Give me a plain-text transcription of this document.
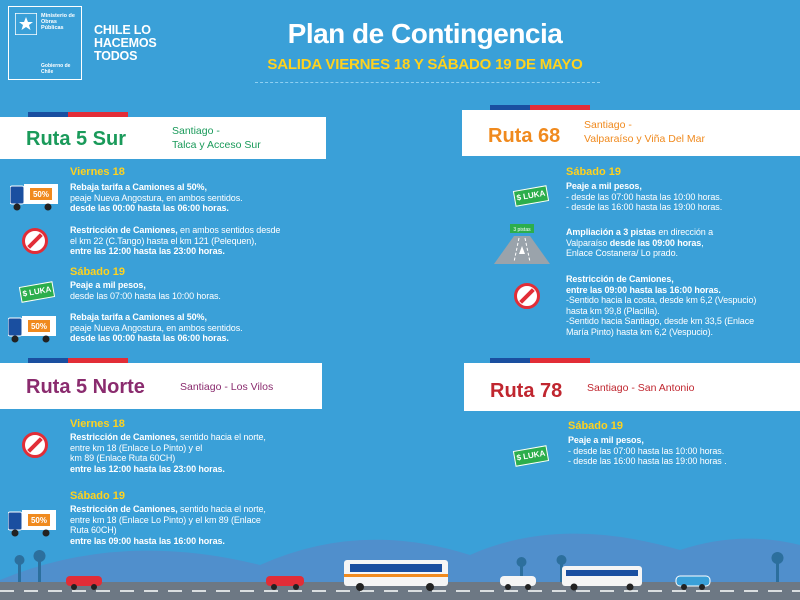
Ministerio de Obras Públicas
Gobierno de Chile
CHILE LO HACEMOS TODOS
Plan de Contingencia
SALIDA VIERNES 18 Y SÁBADO 19 DE MAYO
Ruta 5 Sur	Santiago -
Talca y Acceso Sur
Viernes 18
50%
Rebaja tarifa a Camiones al 50%,
peaje Nueva Angostura, en ambos sentidos.
desde las 00:00 hasta las 06:00 horas.
Restricción de Camiones, en ambos sentidos desde
el km 22 (C.Tango) hasta el km 121 (Pelequen),
entre las 12:00 hasta las 23:00 horas.
Sábado 19
$ LUKA	Peaje a mil pesos,
desde las 07:00 hasta las 10:00 horas.
50%
Rebaja tarifa a Camiones al 50%,
peaje Nueva Angostura, en ambos sentidos.
desde las 00:00 hasta las 06:00 horas.
Ruta 68 Santiago -
Valparaíso y Viña Del Mar
Sábado 19
$ LUKA
Peaje a mil pesos,
- desde las 07:00 hasta las 10:00 horas.
- desde las 16:00 hasta las 19:00 horas.
3 pistas	Ampliación a 3 pistas en dirección a
Valparaíso desde las 09:00 horas,
Enlace Costanera/ Lo prado.
Restricción de Camiones,
entre las 09:00 hasta las 16:00 horas.
-Sentido hacia la costa, desde km 6,2 (Vespucio)
hasta km 99,8 (Placilla).
-Sentido hacia Santiago, desde km 33,5 (Enlace
María Pinto) hasta km 6,2 (Vespucio).
Ruta 5 Norte	Santiago - Los Vilos
Viernes 18
Restricción de Camiones, sentido hacia el norte,
entre km 18 (Enlace Lo Pinto) y el
km 89 (Enlace Ruta 60CH)
entre las 12:00 hasta las 23:00 horas.
Sábado 19
50%
Restricción de Camiones, sentido hacia el norte,
entre km 18 (Enlace Lo Pinto) y el km 89 (Enlace
Ruta 60CH)
entre las 09:00 hasta las 16:00 horas.
Ruta 78 Santiago - San Antonio
Sábado 19
$ LUKA
Peaje a mil pesos,
- desde las 07:00 hasta las 10:00 horas.
- desde las 16:00 hasta las 19:00 horas .
